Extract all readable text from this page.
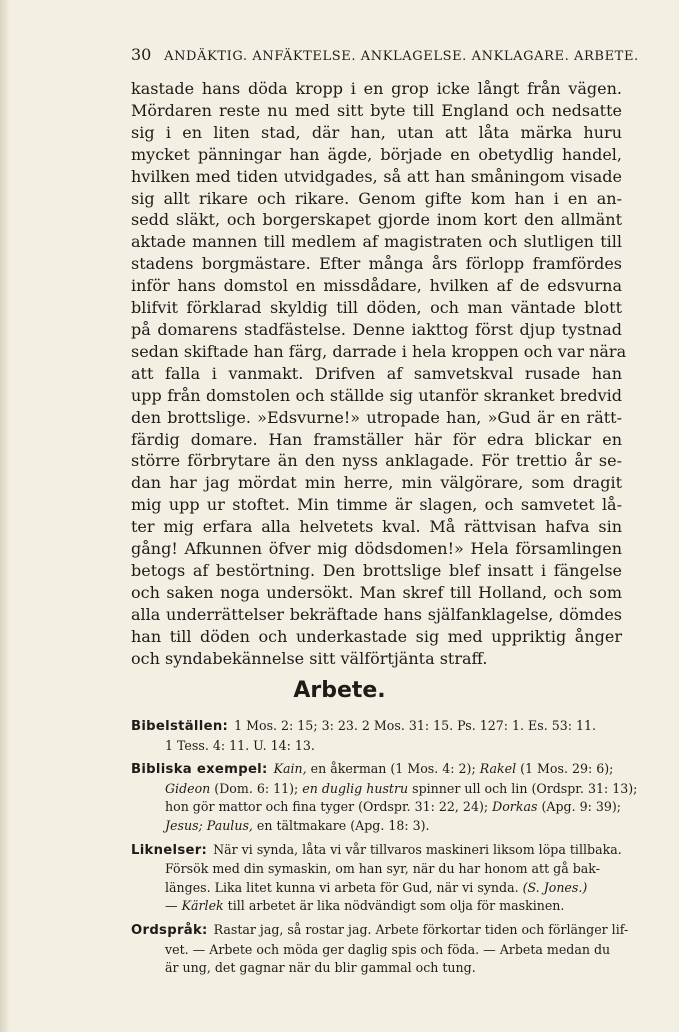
30 ANDÄKTIG. ANFÄKTELSE. ANKLAGELSE. ANKLAGARE. ARBETE.
kastade hans döda kropp i en grop icke långt från vägen.
Mördaren reste nu med sitt byte till England och nedsatte
sig i en liten stad, där han, utan att låta märka huru
mycket pänningar han ägde, började en obetydlig handel,
hvilken med tiden utvidgades, så att han småningom visade
sig allt rikare och rikare. Genom gifte kom han i en an-
sedd släkt, och borgerskapet gjorde inom kort den allmänt
aktade mannen till medlem af magistraten och slutligen till
stadens borgmästare. Efter många års förlopp framfördes
inför hans domstol en missdådare, hvilken af de edsvurna
blifvit förklarad skyldig till döden, och man väntade blott
på domarens stadfästelse. Denne iakttog först djup tystnad
sedan skiftade han färg, darrade i hela kroppen och var nära
att falla i vanmakt. Drifven af samvetskval rusade han
upp från domstolen och ställde sig utanför skranket bredvid
den brottslige. »Edsvurne!» utropade han, »Gud är en rätt-
färdig domare. Han framställer här för edra blickar en
större förbrytare än den nyss anklagade. För trettio år se-
dan har jag mördat min herre, min välgörare, som dragit
mig upp ur stoftet. Min timme är slagen, och samvetet lå-
ter mig erfara alla helvetets kval. Må rättvisan hafva sin
gång! Afkunnen öfver mig dödsdomen!» Hela församlingen
betogs af bestörtning. Den brottslige blef insatt i fängelse
och saken noga undersökt. Man skref till Holland, och som
alla underrättelser bekräftade hans själfanklagelse, dömdes
han till döden och underkastade sig med uppriktig ånger
och syndabekännelse sitt välförtjänta straff.
Arbete.
Bibelställen: 1 Mos. 2: 15; 3: 23. 2 Mos. 31: 15. Ps. 127: 1. Es. 53: 11.
1 Tess. 4: 11. U. 14: 13.
Bibliska exempel: Kain, en åkerman (1 Mos. 4: 2); Rakel (1 Mos. 29: 6);
Gideon (Dom. 6: 11); en duglig hustru spinner ull och lin (Ordspr. 31: 13);
hon gör mattor och fina tyger (Ordspr. 31: 22, 24); Dorkas (Apg. 9: 39);
Jesus; Paulus, en tältmakare (Apg. 18: 3).
Liknelser: När vi synda, låta vi vår tillvaros maskineri liksom löpa tillbaka.
Försök med din symaskin, om han syr, när du har honom att gå bak-
länges. Lika litet kunna vi arbeta för Gud, när vi synda. (S. Jones.)
— Kärlek till arbetet är lika nödvändigt som olja för maskinen.
Ordspråk: Rastar jag, så rostar jag. Arbete förkortar tiden och förlänger lif-
vet. — Arbete och möda ger daglig spis och föda. — Arbeta medan du
är ung, det gagnar när du blir gammal och tung.
